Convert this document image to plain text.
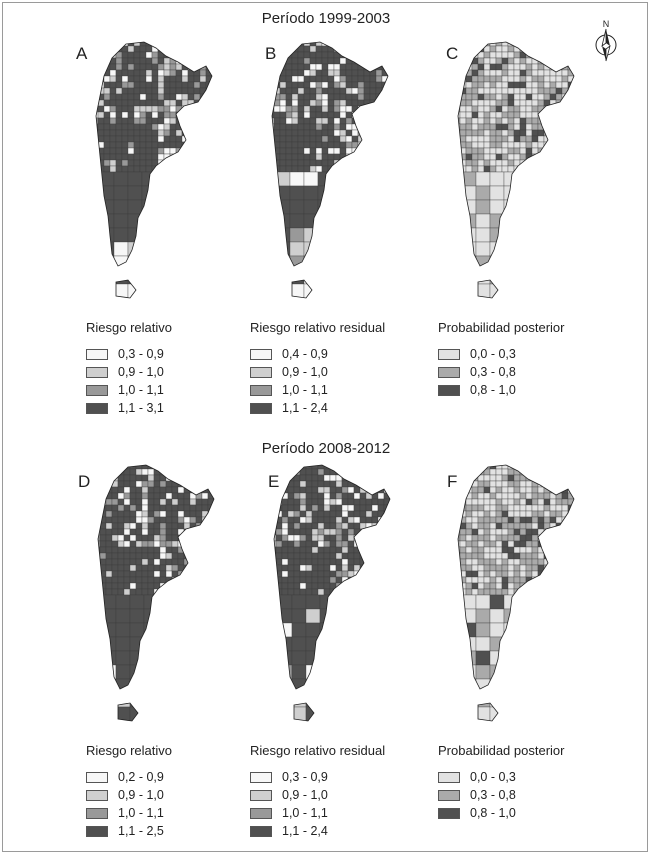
Período 1999-2003
Período 2008-2012
N
A	B	C
D	E	F
Riesgo relativo
0,3 - 0,9
0,9 - 1,0
1,0 - 1,1
1,1 - 3,1
Riesgo relativo residual
0,4 - 0,9
0,9 - 1,0
1,0 - 1,1
1,1 - 2,4
Probabilidad posterior
0,0 - 0,3
0,3 - 0,8
0,8 - 1,0
Riesgo relativo
0,2 - 0,9
0,9 - 1,0
1,0 - 1,1
1,1 - 2,5
Riesgo relativo residual
0,3 - 0,9
0,9 - 1,0
1,0 - 1,1
1,1 - 2,4
Probabilidad posterior
0,0 - 0,3
0,3 - 0,8
0,8 - 1,0
